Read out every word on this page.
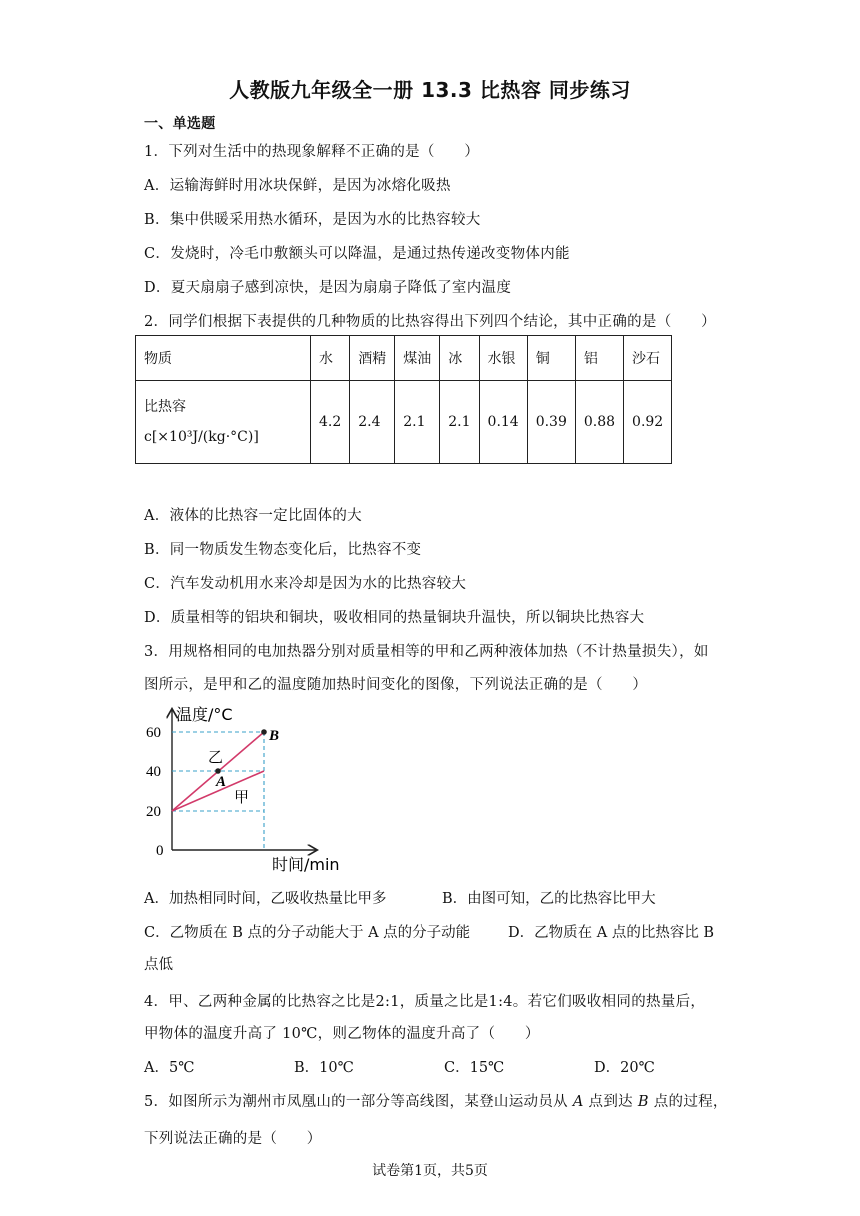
人教版九年级全一册 13.3 比热容 同步练习
一、单选题
1．下列对生活中的热现象解释不正确的是（　　）
A．运输海鲜时用冰块保鲜，是因为冰熔化吸热
B．集中供暖采用热水循环，是因为水的比热容较大
C．发烧时，冷毛巾敷额头可以降温，是通过热传递改变物体内能
D．夏天扇扇子感到凉快，是因为扇扇子降低了室内温度
2．同学们根据下表提供的几种物质的比热容得出下列四个结论，其中正确的是（　　）
物质	水	酒精	煤油	冰	水银	铜	铝	沙石

比热容
c[×10³J/(kg·°C)]	4.2	2.4	2.1	2.1	0.14	0.39	0.88	0.92
A．液体的比热容一定比固体的大
B．同一物质发生物态变化后，比热容不变
C．汽车发动机用水来冷却是因为水的比热容较大
D．质量相等的铝块和铜块，吸收相同的热量铜块升温快，所以铜块比热容大
3．用规格相同的电加热器分别对质量相等的甲和乙两种液体加热（不计热量损失），如
图所示，是甲和乙的温度随加热时间变化的图像，下列说法正确的是（　　）
温度/°C
时间/min
60
40
20
0
乙
甲
A
B
A．加热相同时间，乙吸收热量比甲多	B．由图可知，乙的比热容比甲大
C．乙物质在 B 点的分子动能大于 A 点的分子动能	D．乙物质在 A 点的比热容比 B
点低
4．甲、乙两种金属的比热容之比是2:1，质量之比是1:4。若它们吸收相同的热量后，
甲物体的温度升高了 10℃，则乙物体的温度升高了（　　）
A．5℃	B．10℃	C．15℃	D．20℃
5．如图所示为潮州市凤凰山的一部分等高线图，某登山运动员从 A 点到达 B 点的过程，
下列说法正确的是（　　）
试卷第1页，共5页
